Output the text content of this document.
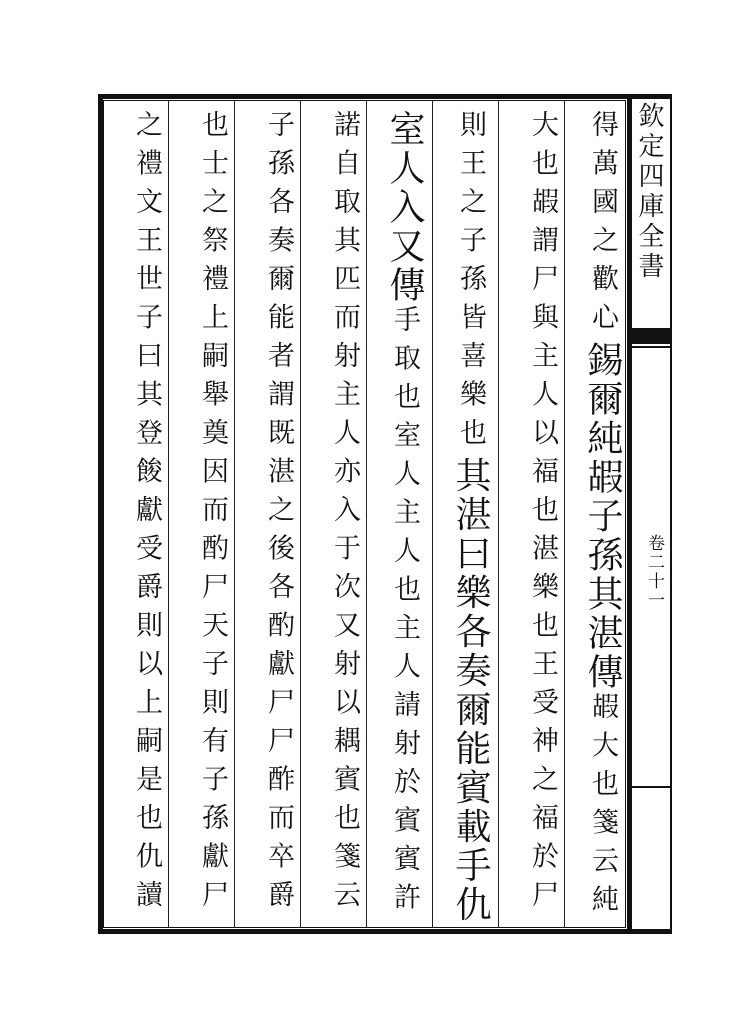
欽定四庫全書
卷二十一
得萬國之歡心錫爾純嘏子孫其湛傳嘏大也箋云純
大也嘏謂尸與主人以福也湛樂也王受神之福於尸
則王之子孫皆喜樂也其湛曰樂各奏爾能賓載手仇
室人入又傳手取也室人主人也主人請射於賓賓許
諾自取其匹而射主人亦入于次又射以耦賓也箋云
子孫各奏爾能者謂既湛之後各酌獻尸尸酢而卒爵
也士之祭禮上嗣舉奠因而酌尸天子則有子孫獻尸
之禮文王世子曰其登餕獻受爵則以上嗣是也仇讀
